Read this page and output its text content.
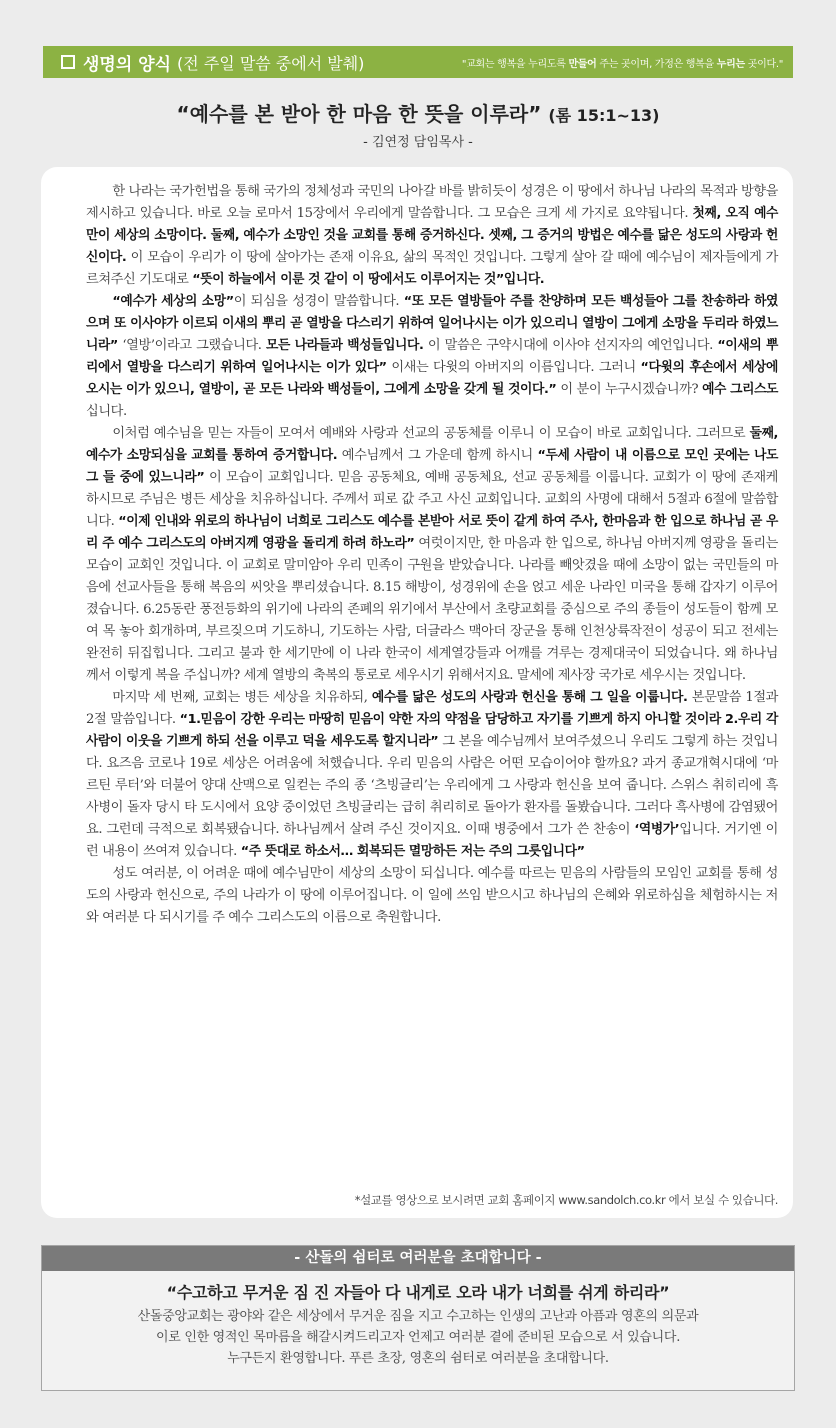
생명의 양식 (전 주일 말씀 중에서 발췌)	"교회는 행복을 누리도록 만들어 주는 곳이며, 가정은 행복을 누리는 곳이다."
“예수를 본 받아 한 마음 한 뜻을 이루라” (롬 15:1~13)
- 김연정 담임목사 -

한 나라는 국가헌법을 통해 국가의 정체성과 국민의 나아갈 바를 밝히듯이 성경은 이 땅에서 하나님 나라의 목적과 방향을 제시하고 있습니다. 바로 오늘 로마서 15장에서 우리에게 말씀합니다. 그 모습은 크게 세 가지로 요약됩니다. 첫째, 오직 예수만이 세상의 소망이다. 둘째, 예수가 소망인 것을 교회를 통해 증거하신다. 셋째, 그 증거의 방법은 예수를 닮은 성도의 사랑과 헌신이다. 이 모습이 우리가 이 땅에 살아가는 존재 이유요, 삶의 목적인 것입니다. 그렇게 살아 갈 때에 예수님이 제자들에게 가르쳐주신 기도대로 “뜻이 하늘에서 이룬 것 같이 이 땅에서도 이루어지는 것”입니다.

“예수가 세상의 소망”이 되심을 성경이 말씀합니다. “또 모든 열방들아 주를 찬양하며 모든 백성들아 그를 찬송하라 하였으며 또 이사야가 이르되 이새의 뿌리 곧 열방을 다스리기 위하여 일어나시는 이가 있으리니 열방이 그에게 소망을 두리라 하였느니라” ‘열방’이라고 그랬습니다. 모든 나라들과 백성들입니다. 이 말씀은 구약시대에 이사야 선지자의 예언입니다. “이새의 뿌리에서 열방을 다스리기 위하여 일어나시는 이가 있다” 이새는 다윗의 아버지의 이름입니다. 그러니 “다윗의 후손에서 세상에 오시는 이가 있으니, 열방이, 곧 모든 나라와 백성들이, 그에게 소망을 갖게 될 것이다.” 이 분이 누구시겠습니까? 예수 그리스도십니다.

이처럼 예수님을 믿는 자들이 모여서 예배와 사랑과 선교의 공동체를 이루니 이 모습이 바로 교회입니다. 그러므로 둘째, 예수가 소망되심을 교회를 통하여 증거합니다. 예수님께서 그 가운데 함께 하시니 “두세 사람이 내 이름으로 모인 곳에는 나도 그 들 중에 있느니라” 이 모습이 교회입니다. 믿음 공동체요, 예배 공동체요, 선교 공동체를 이룹니다. 교회가 이 땅에 존재케 하시므로 주님은 병든 세상을 치유하십니다. 주께서 피로 값 주고 사신 교회입니다. 교회의 사명에 대해서 5절과 6절에 말씀합니다. “이제 인내와 위로의 하나님이 너희로 그리스도 예수를 본받아 서로 뜻이 같게 하여 주사, 한마음과 한 입으로 하나님 곧 우리 주 예수 그리스도의 아버지께 영광을 돌리게 하려 하노라” 여럿이지만, 한 마음과 한 입으로, 하나님 아버지께 영광을 돌리는 모습이 교회인 것입니다. 이 교회로 말미암아 우리 민족이 구원을 받았습니다. 나라를 빼앗겼을 때에 소망이 없는 국민들의 마음에 선교사들을 통해 복음의 씨앗을 뿌리셨습니다. 8.15 해방이, 성경위에 손을 얹고 세운 나라인 미국을 통해 갑자기 이루어졌습니다. 6.25동란 풍전등화의 위기에 나라의 존폐의 위기에서 부산에서 초량교회를 중심으로 주의 종들이 성도들이 함께 모여 목 놓아 회개하며, 부르짖으며 기도하니, 기도하는 사람, 더글라스 맥아더 장군을 통해 인천상륙작전이 성공이 되고 전세는 완전히 뒤집힙니다. 그리고 불과 한 세기만에 이 나라 한국이 세계열강들과 어깨를 겨루는 경제대국이 되었습니다. 왜 하나님께서 이렇게 복을 주십니까? 세계 열방의 축복의 통로로 세우시기 위해서지요. 말세에 제사장 국가로 세우시는 것입니다.

마지막 세 번째, 교회는 병든 세상을 치유하되, 예수를 닮은 성도의 사랑과 헌신을 통해 그 일을 이룹니다. 본문말씀 1절과 2절 말씀입니다. “1.믿음이 강한 우리는 마땅히 믿음이 약한 자의 약점을 담당하고 자기를 기쁘게 하지 아니할 것이라 2.우리 각 사람이 이웃을 기쁘게 하되 선을 이루고 덕을 세우도록 할지니라” 그 본을 예수님께서 보여주셨으니 우리도 그렇게 하는 것입니다. 요즈음 코로나 19로 세상은 어려움에 처했습니다. 우리 믿음의 사람은 어떤 모습이어야 할까요? 과거 종교개혁시대에 ‘마르틴 루터’와 더불어 양대 산맥으로 일컫는 주의 종 ‘츠빙글리’는 우리에게 그 사랑과 헌신을 보여 줍니다. 스위스 취히리에 흑사병이 돌자 당시 타 도시에서 요양 중이었던 츠빙글리는 급히 취리히로 돌아가 환자를 돌봤습니다. 그러다 흑사병에 감염됐어요. 그런데 극적으로 회복됐습니다. 하나님께서 살려 주신 것이지요. 이때 병중에서 그가 쓴 찬송이 ‘역병가’입니다. 거기엔 이런 내용이 쓰여져 있습니다. “주 뜻대로 하소서… 회복되든 멸망하든 저는 주의 그릇입니다”

성도 여러분, 이 어려운 때에 예수님만이 세상의 소망이 되십니다. 예수를 따르는 믿음의 사람들의 모임인 교회를 통해 성도의 사랑과 헌신으로, 주의 나라가 이 땅에 이루어집니다. 이 일에 쓰임 받으시고 하나님의 은혜와 위로하심을 체험하시는 저와 여러분 다 되시기를 주 예수 그리스도의 이름으로 축원합니다.

*설교를 영상으로 보시려면 교회 홈페이지 www.sandolch.co.kr 에서 보실 수 있습니다.
- 산돌의 쉼터로 여러분을 초대합니다 -
“수고하고 무거운 짐 진 자들아 다 내게로 오라 내가 너희를 쉬게 하리라”
산돌중앙교회는 광야와 같은 세상에서 무거운 짐을 지고 수고하는 인생의 고난과 아픔과 영혼의 의문과
이로 인한 영적인 목마름을 해갈시켜드리고자 언제고 여러분 곁에 준비된 모습으로 서 있습니다.
누구든지 환영합니다. 푸른 초장, 영혼의 쉼터로 여러분을 초대합니다.
